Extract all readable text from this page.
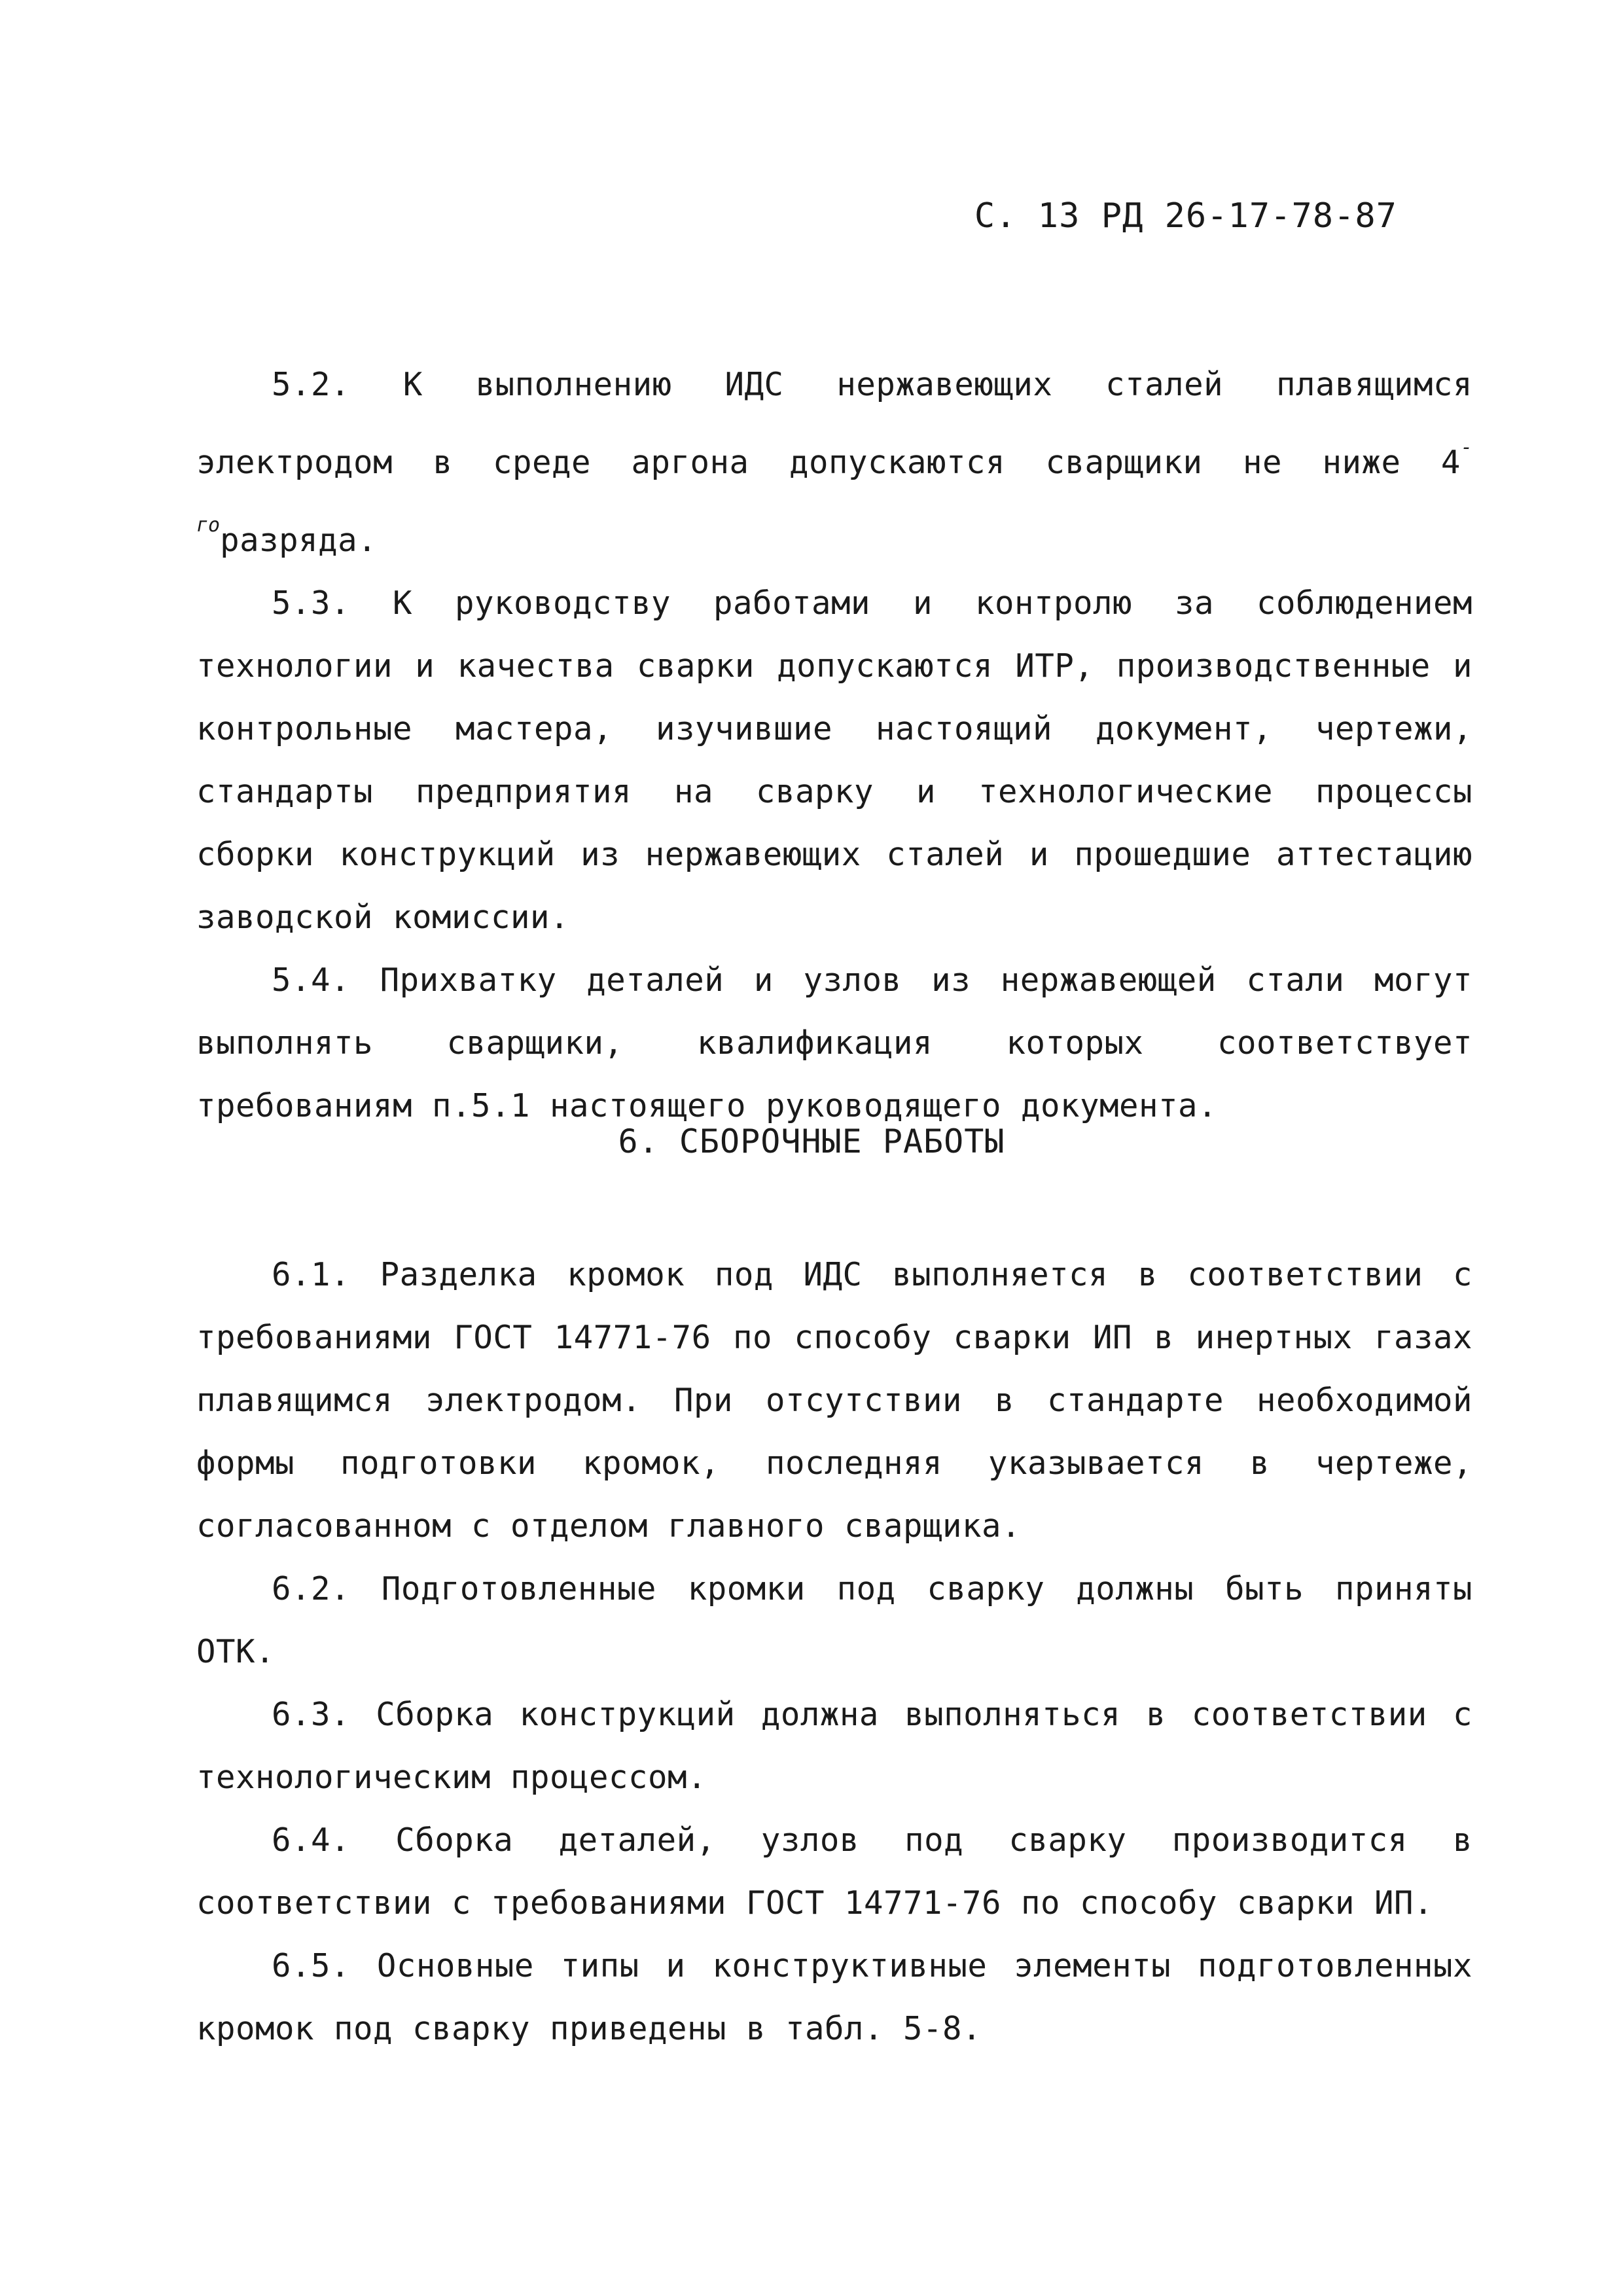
С. 13 РД 26-17-78-87

5.2. К выполнению ИДС нержавеющих сталей плавящимся электродом в среде аргона допускаются сварщики не ниже $4^{-го}разряда$.

5.3. К руководству работами и контролю за соблюдением технологии и качества сварки допускаются ИТР, производственные и контрольные мастера, изучившие настоящий документ, чертежи, стандарты предприятия на сварку и технологические процессы сборки конструкций из нержавеющих сталей и прошедшие аттестацию заводской комиссии.

5.4. Прихватку деталей и узлов из нержавеющей стали могут выполнять сварщики, квалификация которых соответствует требованиям п.5.1 настоящего руководящего документа.

6. СБОРОЧНЫЕ РАБОТЫ

6.1. Разделка кромок под ИДС выполняется в соответствии с требованиями ГОСТ 14771-76 по способу сварки ИП в инертных газах плавящимся электродом. При отсутствии в стандарте необходимой формы подготовки кромок, последняя указывается в чертеже, согласованном с отделом главного сварщика.

6.2. Подготовленные кромки под сварку должны быть приняты ОТК.

6.3. Сборка конструкций должна выполняться в соответствии с технологическим процессом.

6.4. Сборка деталей, узлов под сварку производится в соответствии с требованиями ГОСТ 14771-76 по способу сварки ИП.

6.5. Основные типы и конструктивные элементы подготовленных кромок под сварку приведены в табл. 5-8.
